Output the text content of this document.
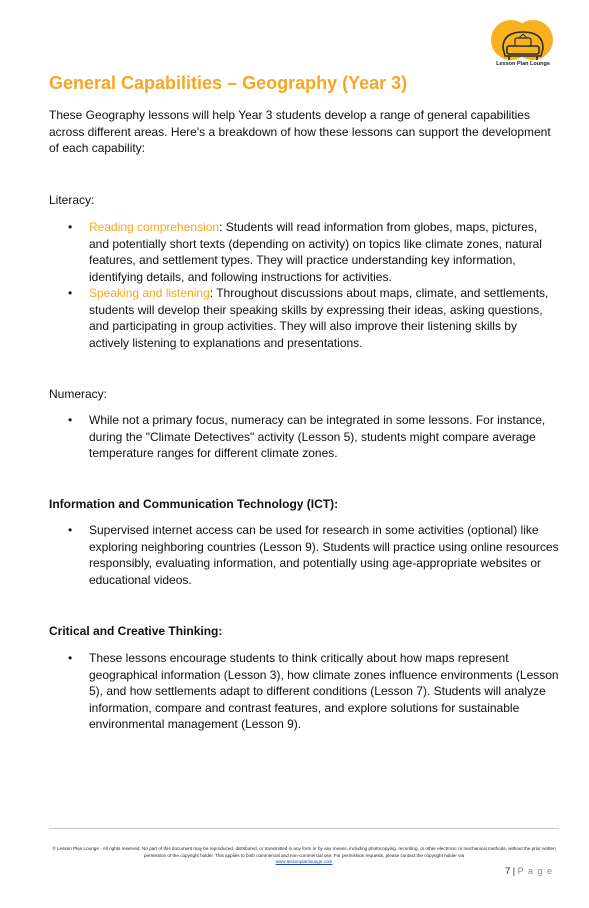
Lesson Plan Lounge
General Capabilities – Geography (Year 3)

These Geography lessons will help Year 3 students develop a range of general capabilities across different areas. Here's a breakdown of how these lessons can support the development of each capability:

Literacy:

• Reading comprehension: Students will read information from globes, maps, pictures, and potentially short texts (depending on activity) on topics like climate zones, natural features, and settlement types. They will practice understanding key information, identifying details, and following instructions for activities.
• Speaking and listening: Throughout discussions about maps, climate, and settlements, students will develop their speaking skills by expressing their ideas, asking questions, and participating in group activities. They will also improve their listening skills by actively listening to explanations and presentations.

Numeracy:

• While not a primary focus, numeracy can be integrated in some lessons. For instance, during the "Climate Detectives" activity (Lesson 5), students might compare average temperature ranges for different climate zones.

Information and Communication Technology (ICT):

• Supervised internet access can be used for research in some activities (optional) like exploring neighboring countries (Lesson 9). Students will practice using online resources responsibly, evaluating information, and potentially using age-appropriate websites or educational videos.

Critical and Creative Thinking:

• These lessons encourage students to think critically about how maps represent geographical information (Lesson 3), how climate zones influence environments (Lesson 5), and how settlements adapt to different conditions (Lesson 7). Students will analyze information, compare and contrast features, and explore solutions for sustainable environmental management (Lesson 9).
© Lesson Plan Lounge - All rights reserved. No part of this document may be reproduced, distributed, or transmitted in any form or by any means, including photocopying, recording, or other electronic or mechanical methods, without the prior written permission of the copyright holder. This applies to both commercial and non-commercial use. For permission requests, please contact the copyright holder via
www.lessonplanlounge.com
7 | P a g e
